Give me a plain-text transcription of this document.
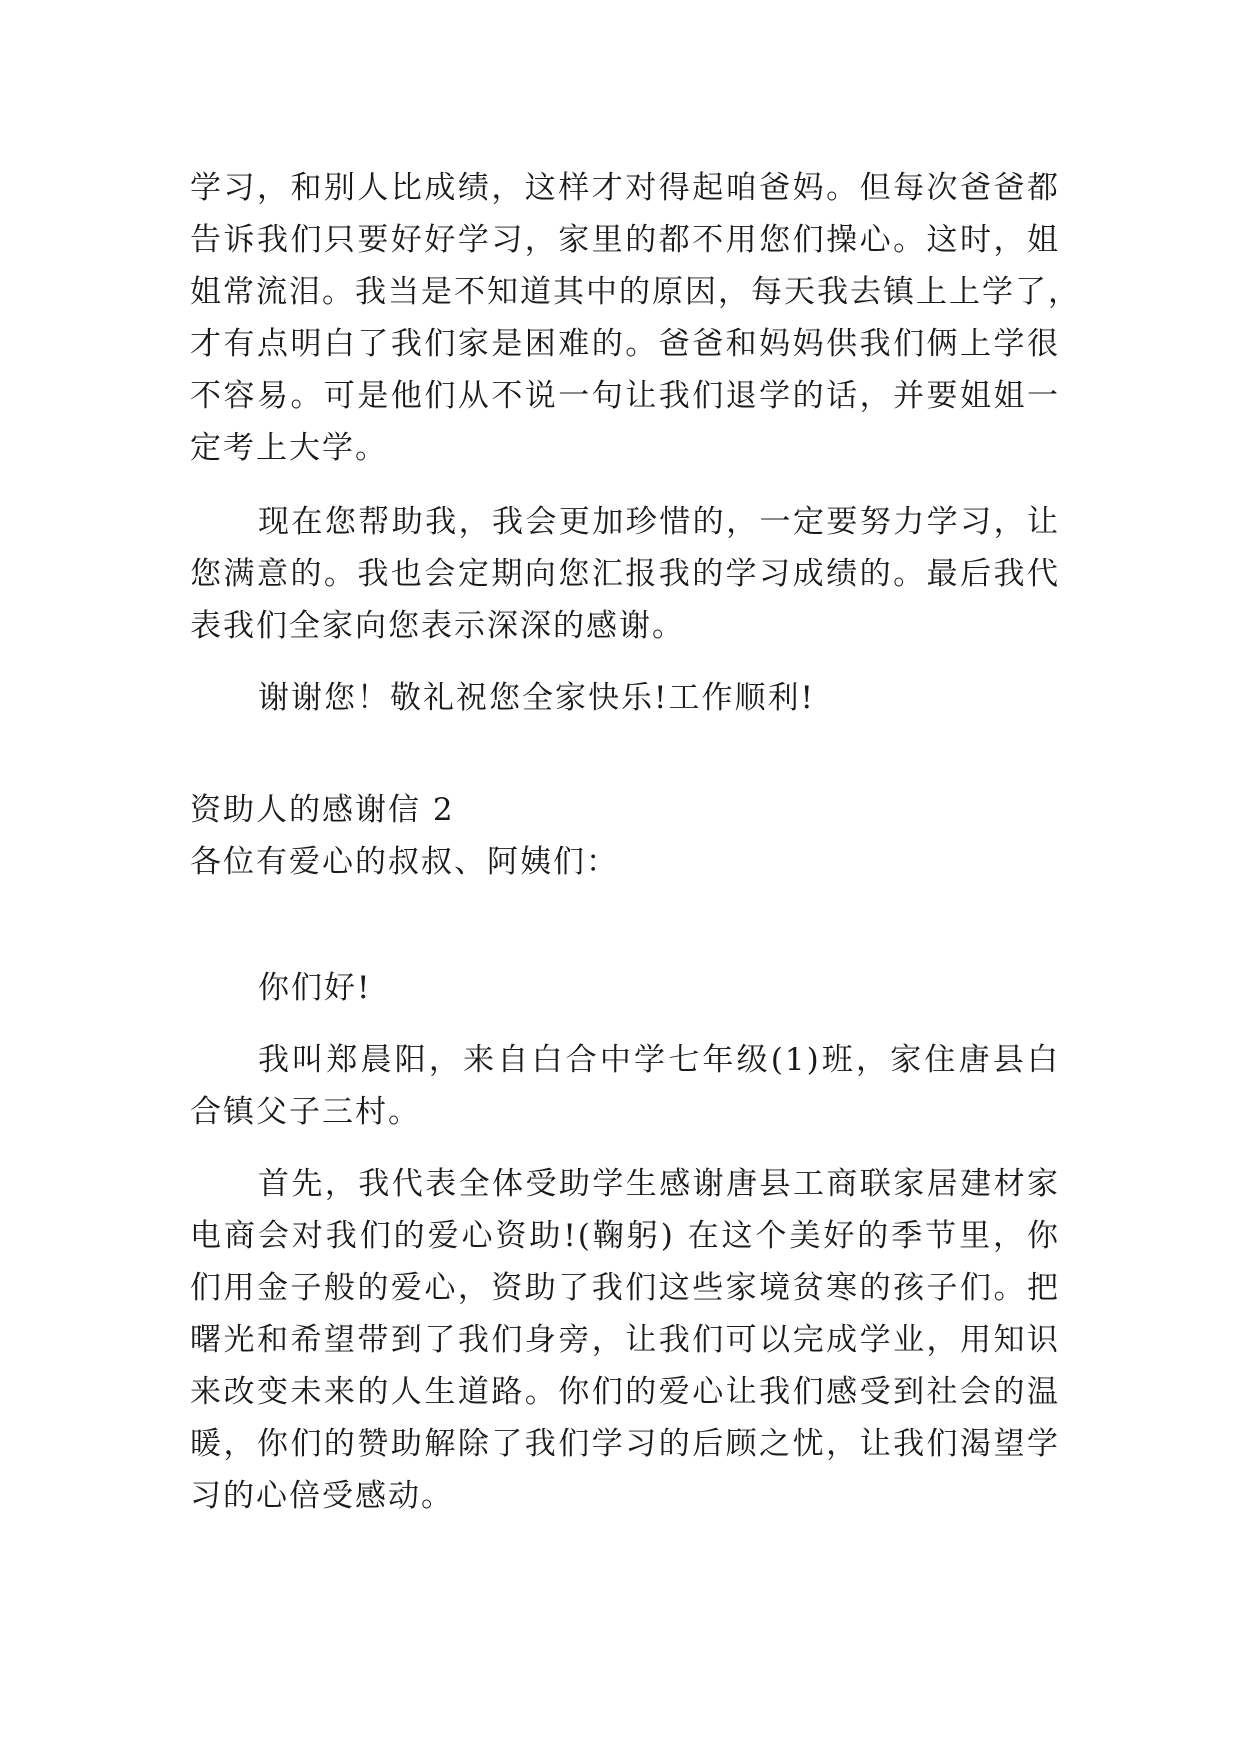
学习，和别人比成绩，这样才对得起咱爸妈。但每次爸爸都
告诉我们只要好好学习，家里的都不用您们操心。这时，姐
姐常流泪。我当是不知道其中的原因，每天我去镇上上学了，
才有点明白了我们家是困难的。爸爸和妈妈供我们俩上学很
不容易。可是他们从不说一句让我们退学的话，并要姐姐一
定考上大学。
现在您帮助我，我会更加珍惜的，一定要努力学习，让
您满意的。我也会定期向您汇报我的学习成绩的。最后我代
表我们全家向您表示深深的感谢。
谢谢您！敬礼祝您全家快乐!工作顺利!
资助人的感谢信 2
各位有爱心的叔叔、阿姨们：
你们好!
我叫郑晨阳，来自白合中学七年级(1)班，家住唐县白
合镇父子三村。
首先，我代表全体受助学生感谢唐县工商联家居建材家
电商会对我们的爱心资助!(鞠躬) 在这个美好的季节里，你
们用金子般的爱心，资助了我们这些家境贫寒的孩子们。把
曙光和希望带到了我们身旁，让我们可以完成学业，用知识
来改变未来的人生道路。你们的爱心让我们感受到社会的温
暖，你们的赞助解除了我们学习的后顾之忧，让我们渴望学
习的心倍受感动。
